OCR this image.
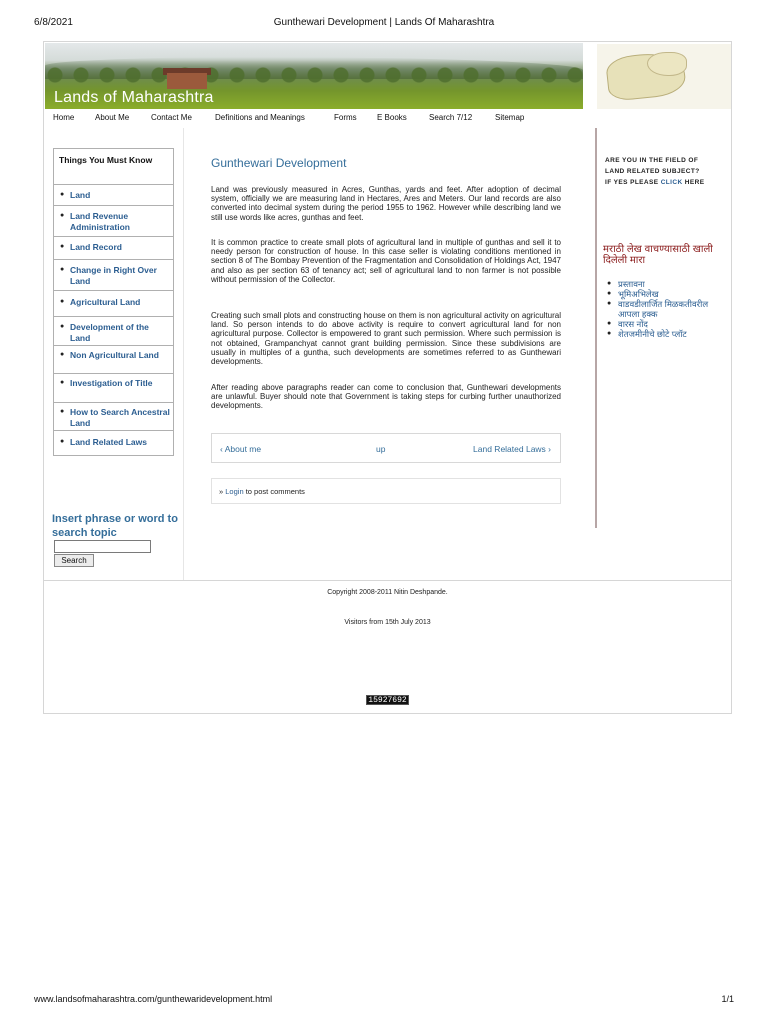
6/8/2021	Gunthewari Development | Lands Of Maharashtra
Lands of Maharashtra
Home	About Me	Contact Me	Definitions and Meanings	Forms	E Books	Search 7/12	Sitemap
Things You Must Know
● Land
● Land Revenue Administration
● Land Record
● Change in Right Over Land
● Agricultural Land
● Development of the Land
● Non Agricultural Land
● Investigation of Title
● How to Search Ancestral Land
● Land Related Laws
Insert phrase or word to search topic
Search
Gunthewari Development
Land was previously measured in Acres, Gunthas, yards and feet. After adoption of decimal system, officially we are measuring land in Hectares, Ares and Meters. Our land records are also converted into decimal system during the period 1955 to 1962. However while describing land we still use words like acres, gunthas and feet.
It is common practice to create small plots of agricultural land in multiple of gunthas and sell it to needy person for construction of house. In this case seller is violating conditions mentioned in section 8 of The Bombay Prevention of the Fragmentation and Consolidation of Holdings Act, 1947 and also as per section 63 of tenancy act; sell of agricultural land to non farmer is not possible without permission of the Collector.
Creating such small plots and constructing house on them is non agricultural activity on agricultural land. So person intends to do above activity is require to convert agricultural land for non agricultural purpose. Collector is empowered to grant such permission. Where such permission is not obtained, Grampanchyat cannot grant building permission. Since these subdivisions are usually in multiples of a guntha, such developments are sometimes referred to as Gunthewari developments.
After reading above paragraphs reader can come to conclusion that, Gunthewari developments are unlawful. Buyer should note that Government is taking steps for curbing further unauthorized developments.
‹ About me	up	Land Related Laws ›
» Login to post comments
ARE YOU IN THE FIELD OF
LAND RELATED SUBJECT?
IF YES PLEASE CLICK HERE
मराठी लेख वाचण्यासाठी खाली दिलेली मारा
● प्रस्तावना
● भूमिअभिलेख
● वाडवडीलार्जित मिळकतीवरील आपला हक्क
● वारस नोंद
● शेतजमीनीचे छोटे प्लॉट
Copyright 2008-2011 Nitin Deshpande.
Visitors from 15th July 2013
15927692
www.landsofmaharashtra.com/gunthewaridevelopment.html	1/1
